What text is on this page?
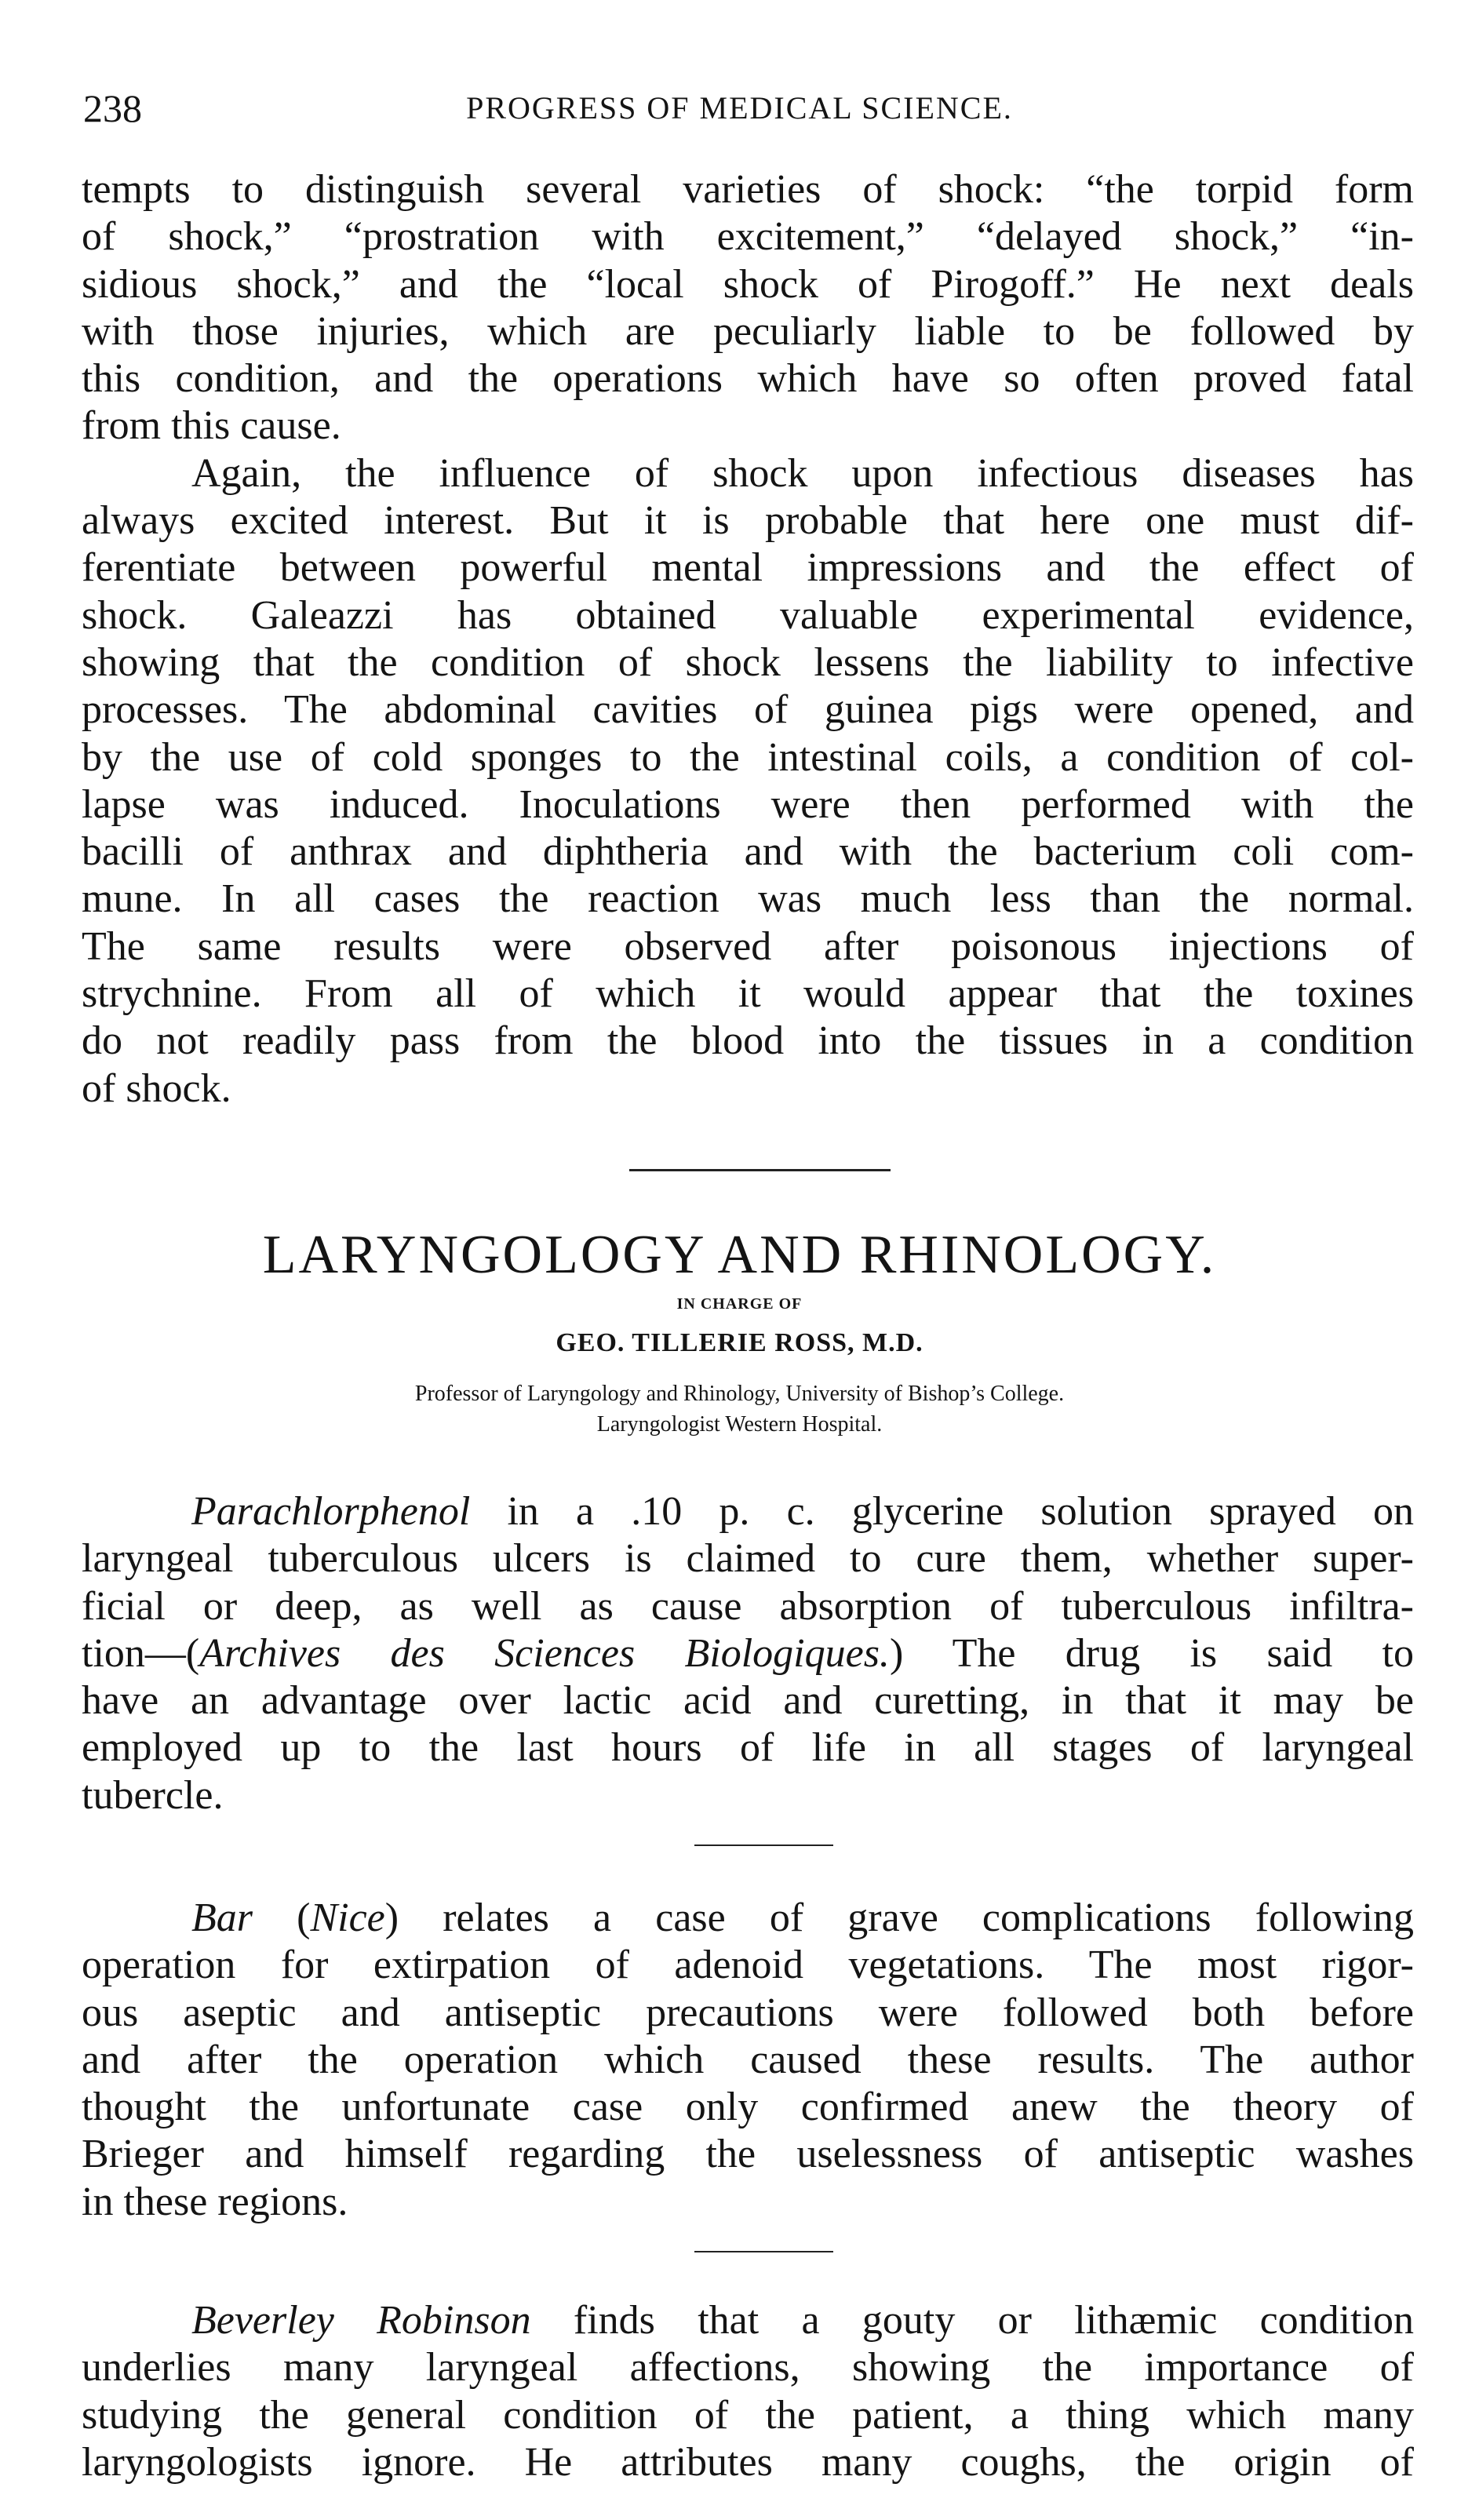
238	PROGRESS OF MEDICAL SCIENCE.
tempts to distinguish several varieties of shock: “the torpid form
of shock,” “prostration with excitement,” “delayed shock,” “in-
sidious shock,” and the “local shock of Pirogoff.” He next deals
with those injuries, which are peculiarly liable to be followed by
this condition, and the operations which have so often proved fatal
from this cause.
Again, the influence of shock upon infectious diseases has
always excited interest. But it is probable that here one must dif-
ferentiate between powerful mental impressions and the effect of
shock. Galeazzi has obtained valuable experimental evidence,
showing that the condition of shock lessens the liability to infective
processes. The abdominal cavities of guinea pigs were opened, and
by the use of cold sponges to the intestinal coils, a condition of col-
lapse was induced. Inoculations were then performed with the
bacilli of anthrax and diphtheria and with the bacterium coli com-
mune. In all cases the reaction was much less than the normal.
The same results were observed after poisonous injections of
strychnine. From all of which it would appear that the toxines
do not readily pass from the blood into the tissues in a condition
of shock.
LARYNGOLOGY AND RHINOLOGY.
IN CHARGE OF
GEO. TILLERIE ROSS, M.D.
Professor of Laryngology and Rhinology, University of Bishop’s College.
Laryngologist Western Hospital.
Parachlorphenol in a .10 p. c. glycerine solution sprayed on
laryngeal tuberculous ulcers is claimed to cure them, whether super-
ficial or deep, as well as cause absorption of tuberculous infiltra-
tion—(Archives des Sciences Biologiques.) The drug is said to
have an advantage over lactic acid and curetting, in that it may be
employed up to the last hours of life in all stages of laryngeal
tubercle.
Bar (Nice) relates a case of grave complications following
operation for extirpation of adenoid vegetations. The most rigor-
ous aseptic and antiseptic precautions were followed both before
and after the operation which caused these results. The author
thought the unfortunate case only confirmed anew the theory of
Brieger and himself regarding the uselessness of antiseptic washes
in these regions.
Beverley Robinson finds that a gouty or lithæmic condition
underlies many laryngeal affections, showing the importance of
studying the general condition of the patient, a thing which many
laryngologists ignore. He attributes many coughs, the origin of
